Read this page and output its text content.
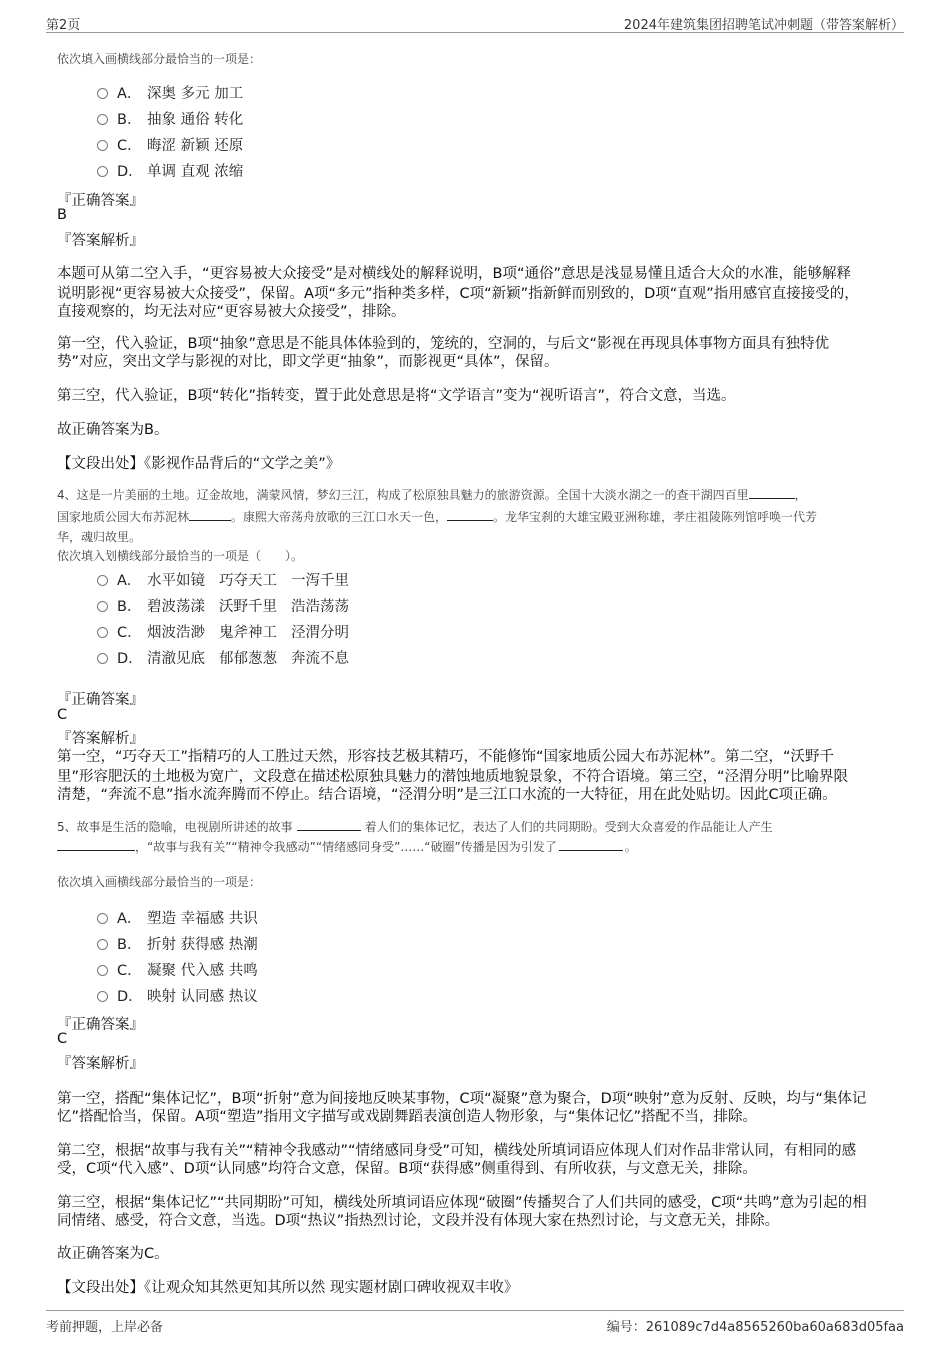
第2页	2024年建筑集团招聘笔试冲刺题（带答案解析）
依次填入画横线部分最恰当的一项是：
A． 深奥 多元 加工
B． 抽象 通俗 转化
C． 晦涩 新颖 还原
D． 单调 直观 浓缩
『正确答案』
B
『答案解析』
本题可从第二空入手，“更容易被大众接受”是对横线处的解释说明，B项“通俗”意思是浅显易懂且适合大众的水准，能够解释
说明影视“更容易被大众接受”，保留。A项“多元”指种类多样，C项“新颖”指新鲜而别致的，D项“直观”指用感官直接接受的，
直接观察的，均无法对应“更容易被大众接受”，排除。
第一空，代入验证，B项“抽象”意思是不能具体体验到的，笼统的，空洞的，与后文“影视在再现具体事物方面具有独特优
势”对应，突出文学与影视的对比，即文学更“抽象”，而影视更“具体”，保留。
第三空，代入验证，B项“转化”指转变，置于此处意思是将“文学语言”变为“视听语言”，符合文意，当选。
故正确答案为B。
【文段出处】《影视作品背后的“文学之美”》
4、这是一片美丽的土地。辽金故地，满蒙风情，梦幻三江，构成了松原独具魅力的旅游资源。全国十大淡水湖之一的查干湖四百里	，
国家地质公园大布苏泥林	。康熙大帝荡舟放歌的三江口水天一色，	。龙华宝刹的大雄宝殿亚洲称雄，孝庄祖陵陈列馆呼唤一代芳
华，魂归故里。
依次填入划横线部分最恰当的一项是（　　）。
A． 水平如镜 巧夺天工 一泻千里
B． 碧波荡漾 沃野千里 浩浩荡荡
C． 烟波浩渺 鬼斧神工 泾渭分明
D． 清澈见底 郁郁葱葱 奔流不息
『正确答案』
C
『答案解析』
第一空，“巧夺天工”指精巧的人工胜过天然，形容技艺极其精巧，不能修饰“国家地质公园大布苏泥林”。第二空，“沃野千
里”形容肥沃的土地极为宽广，文段意在描述松原独具魅力的潜蚀地质地貌景象，不符合语境。第三空，“泾渭分明”比喻界限
清楚，“奔流不息”指水流奔腾而不停止。结合语境，“泾渭分明”是三江口水流的一大特征，用在此处贴切。因此C项正确。
5、故事是生活的隐喻，电视剧所讲述的故事	着人们的集体记忆，表达了人们的共同期盼。受到大众喜爱的作品能让人产生
，“故事与我有关”“精神令我感动”“情绪感同身受”……“破圈”传播是因为引发了	。
依次填入画横线部分最恰当的一项是：
A． 塑造 幸福感 共识
B． 折射 获得感 热潮
C． 凝聚 代入感 共鸣
D． 映射 认同感 热议
『正确答案』
C
『答案解析』
第一空，搭配“集体记忆”，B项“折射”意为间接地反映某事物，C项“凝聚”意为聚合，D项“映射”意为反射、反映，均与“集体记
忆”搭配恰当，保留。A项“塑造”指用文字描写或戏剧舞蹈表演创造人物形象，与“集体记忆”搭配不当，排除。
第二空，根据“故事与我有关”“精神令我感动”“情绪感同身受”可知，横线处所填词语应体现人们对作品非常认同，有相同的感
受，C项“代入感”、D项“认同感”均符合文意，保留。B项“获得感”侧重得到、有所收获，与文意无关，排除。
第三空，根据“集体记忆”“共同期盼”可知，横线处所填词语应体现“破圈”传播契合了人们共同的感受，C项“共鸣”意为引起的相
同情绪、感受，符合文意，当选。D项“热议”指热烈讨论，文段并没有体现大家在热烈讨论，与文意无关，排除。
故正确答案为C。
【文段出处】《让观众知其然更知其所以然 现实题材剧口碑收视双丰收》
考前押题，上岸必备	编号：261089c7d4a8565260ba60a683d05faa
